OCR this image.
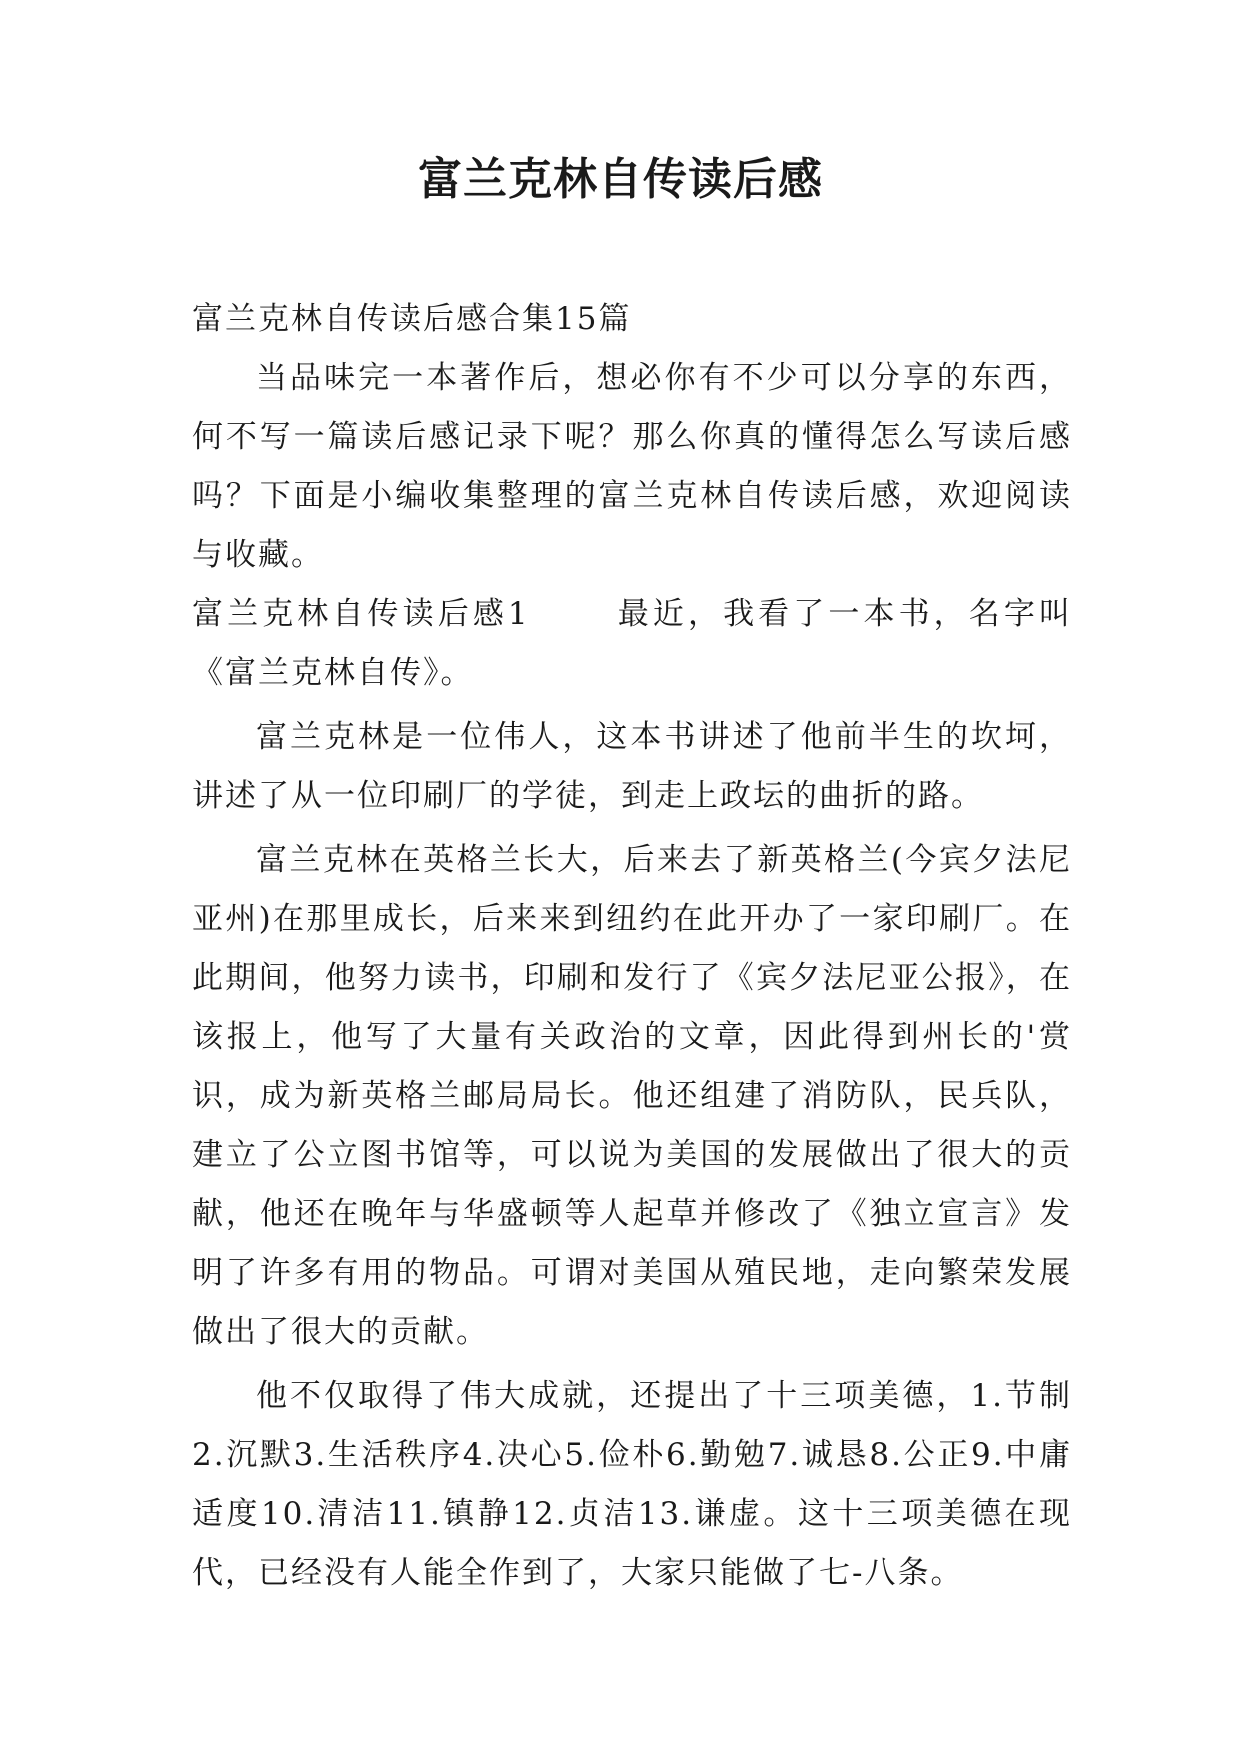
富兰克林自传读后感

富兰克林自传读后感合集15篇

当品味完一本著作后，想必你有不少可以分享的东西，何不写一篇读后感记录下呢？那么你真的懂得怎么写读后感吗？下面是小编收集整理的富兰克林自传读后感，欢迎阅读与收藏。

富兰克林自传读后感1	最近，我看了一本书，名字叫《富兰克林自传》。

富兰克林是一位伟人，这本书讲述了他前半生的坎坷，讲述了从一位印刷厂的学徒，到走上政坛的曲折的路。

富兰克林在英格兰长大，后来去了新英格兰(今宾夕法尼亚州)在那里成长，后来来到纽约在此开办了一家印刷厂。在此期间，他努力读书，印刷和发行了《宾夕法尼亚公报》，在该报上，他写了大量有关政治的文章，因此得到州长的'赏识，成为新英格兰邮局局长。他还组建了消防队，民兵队，建立了公立图书馆等，可以说为美国的发展做出了很大的贡献，他还在晚年与华盛顿等人起草并修改了《独立宣言》发明了许多有用的物品。可谓对美国从殖民地，走向繁荣发展做出了很大的贡献。

他不仅取得了伟大成就，还提出了十三项美德，1.节制2.沉默3.生活秩序4.决心5.俭朴6.勤勉7.诚恳8.公正9.中庸适度10.清洁11.镇静12.贞洁13.谦虚。这十三项美德在现代，已经没有人能全作到了，大家只能做了七-八条。
